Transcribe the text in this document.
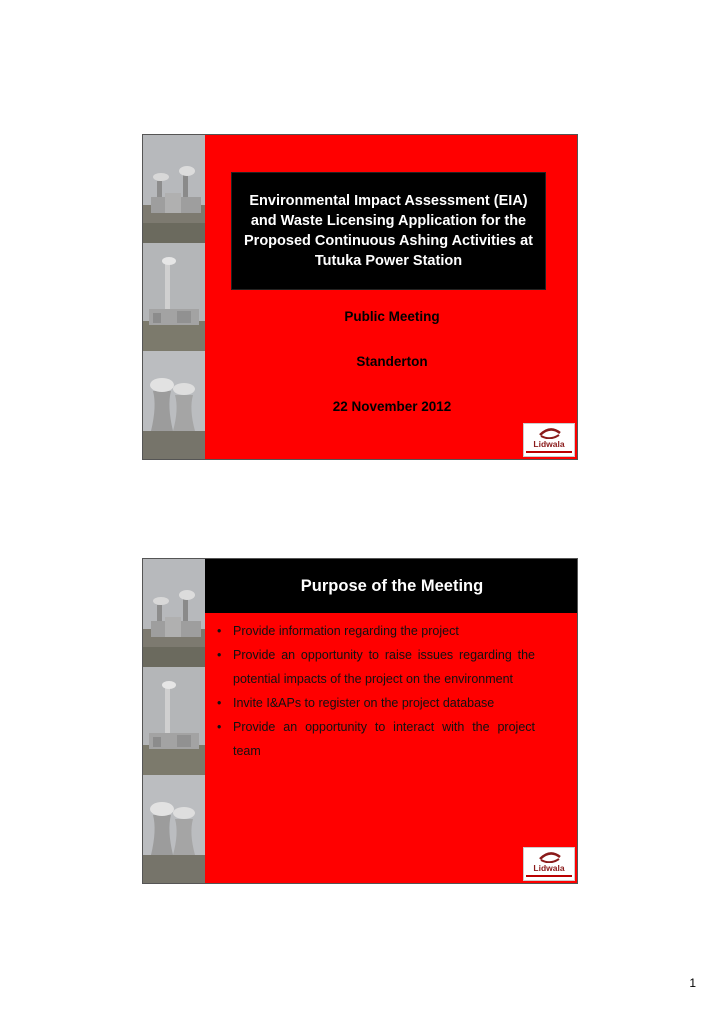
Environmental Impact Assessment (EIA) and Waste Licensing Application for the Proposed Continuous Ashing Activities at Tutuka Power Station
Public Meeting
Standerton
22 November 2012
Lidwala
Purpose of the Meeting
• Provide information regarding the project
• Provide an opportunity to raise issues regarding the potential impacts of the project on the environment
• Invite I&APs to register on the project database
• Provide an opportunity to interact with the project team
Lidwala
1
